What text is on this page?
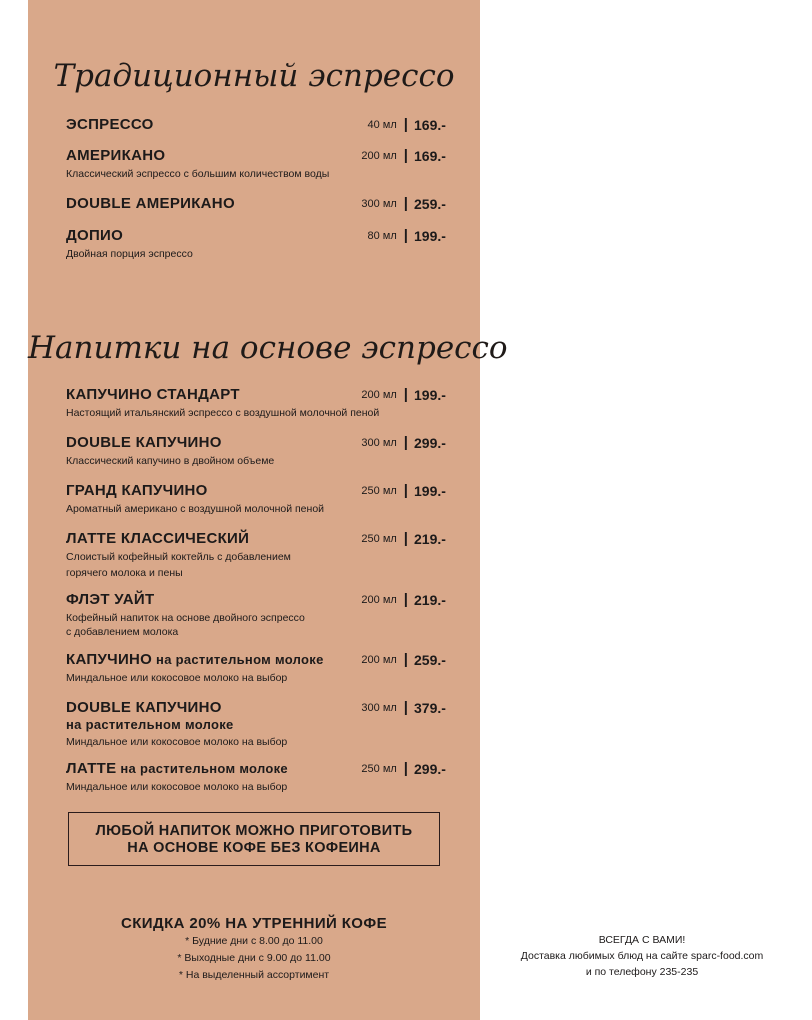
Традиционный эспрессо
ЭСПРЕССО	40 мл | 169.-
АМЕРИКАНО
Классический эспрессо с большим количеством воды
200 мл | 169.-
DOUBLE АМЕРИКАНО	300 мл | 259.-
ДОПИО
Двойная порция эспрессо
80 мл | 199.-
Напитки на основе эспрессо
КАПУЧИНО СТАНДАРТ
Настоящий итальянский эспрессо с воздушной молочной пеной
200 мл | 199.-
DOUBLE КАПУЧИНО
Классический капучино в двойном объеме
300 мл | 299.-
ГРАНД КАПУЧИНО
Ароматный американо с воздушной молочной пеной
250 мл | 199.-
ЛАТТЕ КЛАССИЧЕСКИЙ
Слоистый кофейный коктейль с добавлением
горячего молока и пены
250 мл | 219.-
ФЛЭТ УАЙТ
Кофейный напиток на основе двойного эспрессо
с добавлением молока
200 мл | 219.-
КАПУЧИНО на растительном молоке
Миндальное или кокосовое молоко на выбор
200 мл | 259.-
DOUBLE КАПУЧИНО
на растительном молоке
Миндальное или кокосовое молоко на выбор
300 мл | 379.-
ЛАТТЕ на растительном молоке
Миндальное или кокосовое молоко на выбор
250 мл | 299.-
ЛЮБОЙ НАПИТОК МОЖНО ПРИГОТОВИТЬ
НА ОСНОВЕ КОФЕ БЕЗ КОФЕИНА
СКИДКА 20% НА УТРЕННИЙ КОФЕ
* Будние дни с 8.00 до 11.00
* Выходные дни с 9.00 до 11.00
* На выделенный ассортимент
ВСЕГДА С ВАМИ!
Доставка любимых блюд на сайте sparc-food.com
и по телефону 235-235
